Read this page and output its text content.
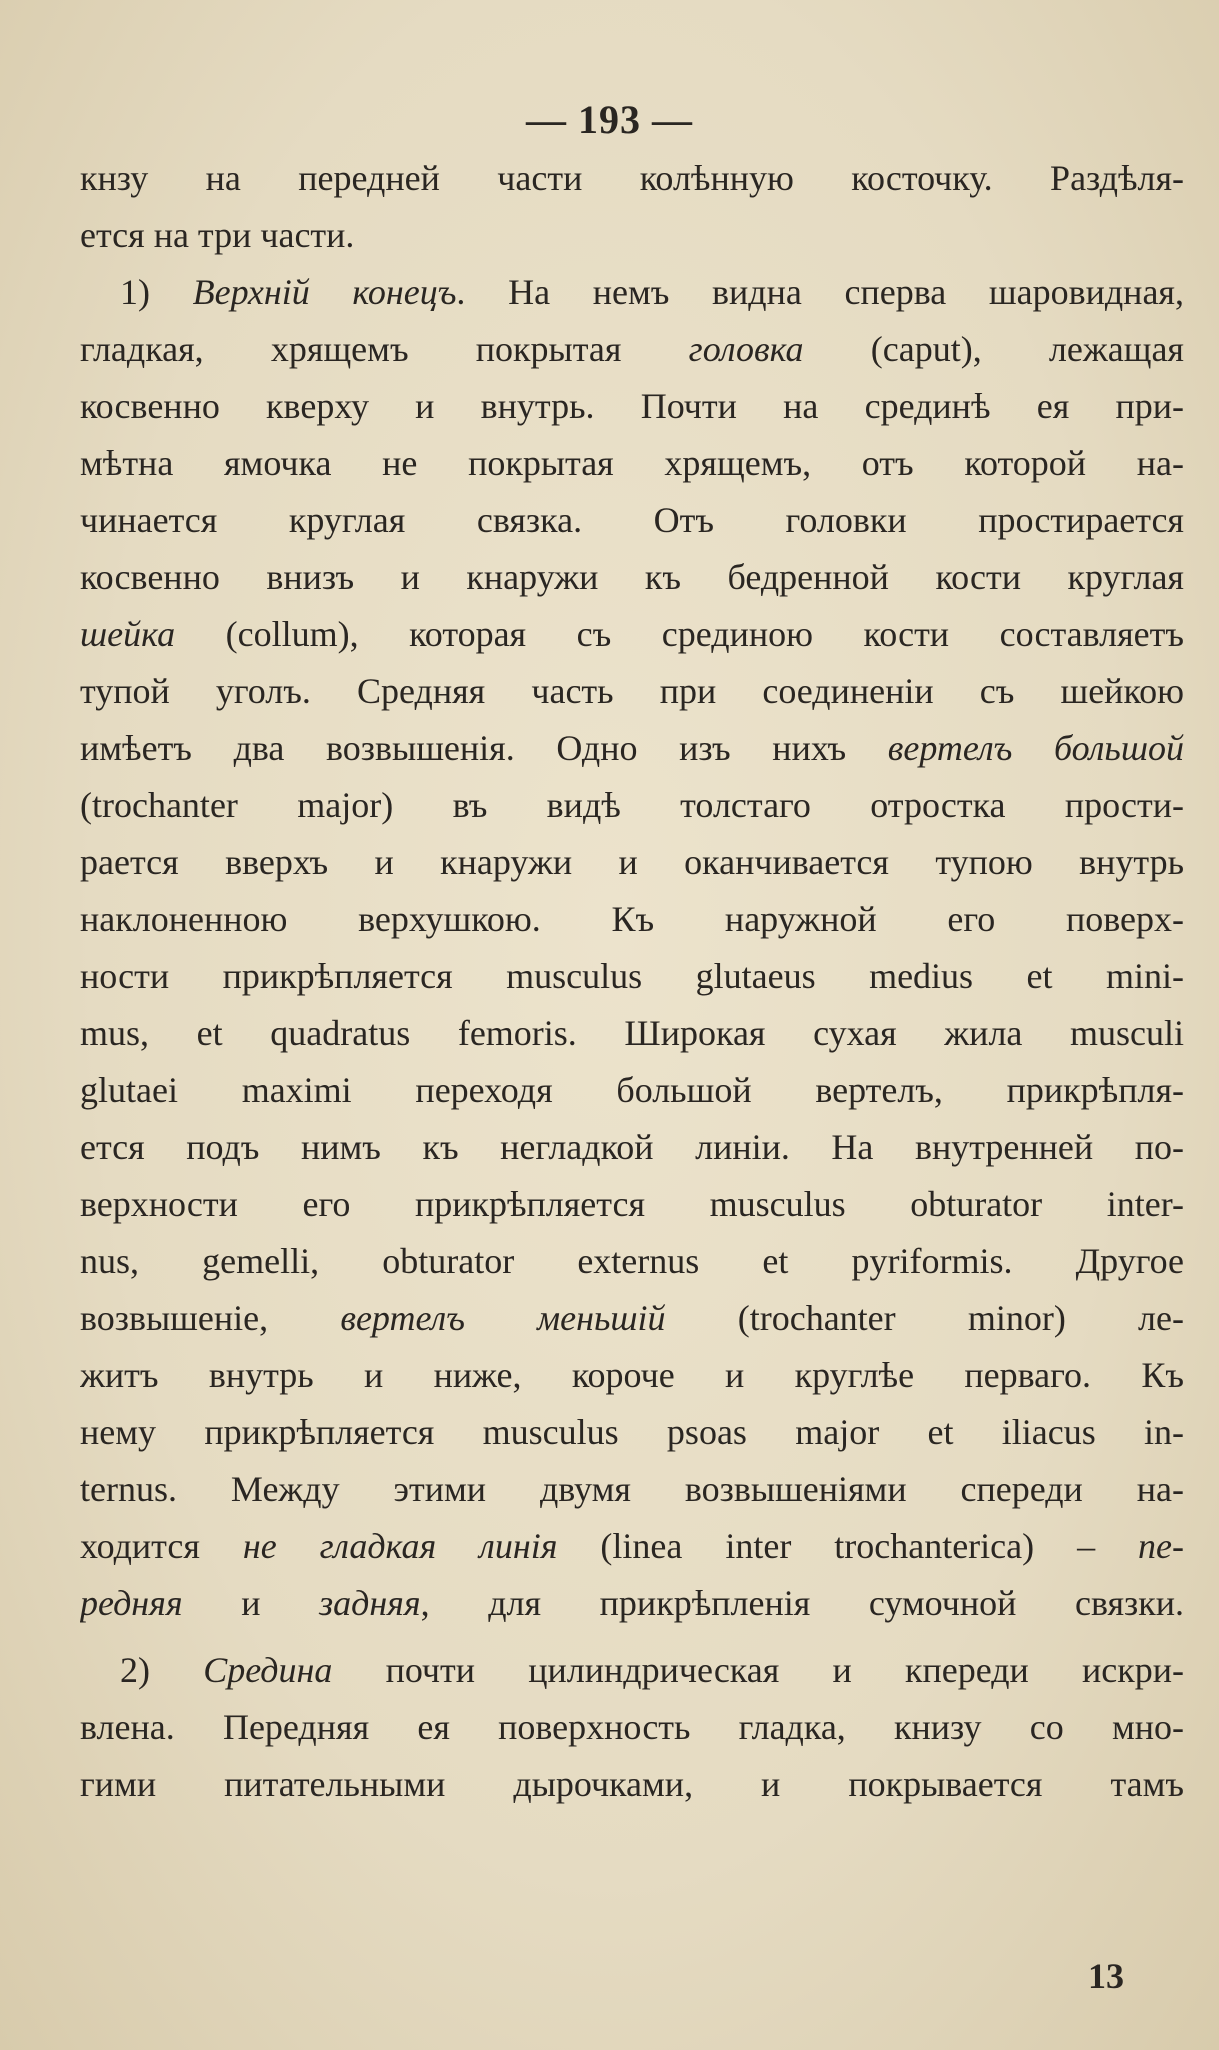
— 193 —
кнзу на передней части колѣнную косточку. Раздѣля-
ется на три части.
1) Верхній конецъ. На немъ видна сперва шаровидная,
гладкая, хрящемъ покрытая головка (caput), лежащая
косвенно кверху и внутрь. Почти на срединѣ ея при-
мѣтна ямочка не покрытая хрящемъ, отъ которой на-
чинается круглая связка. Отъ головки простирается
косвенно внизъ и кнаружи къ бедренной кости круглая
шейка (collum), которая съ срединою кости составляетъ
тупой уголъ. Средняя часть при соединеніи съ шейкою
имѣетъ два возвышенія. Одно изъ нихъ вертелъ большой
(trochanter major) въ видѣ толстаго отростка прости-
рается вверхъ и кнаружи и оканчивается тупою внутрь
наклоненною верхушкою. Къ наружной его поверх-
ности прикрѣпляется musculus glutaeus medius et mini-
mus, et quadratus femoris. Широкая сухая жила musculi
glutaei maximi переходя большой вертелъ, прикрѣпля-
ется подъ нимъ къ негладкой линіи. На внутренней по-
верхности его прикрѣпляется musculus obturator inter-
nus, gemelli, obturator externus et pyriformis. Другое
возвышеніе, вертелъ меньшій (trochanter minor) ле-
житъ внутрь и ниже, короче и круглѣе перваго. Къ
нему прикрѣпляется musculus psoas major et iliacus in-
ternus. Между этими двумя возвышеніями спереди на-
ходится не гладкая линія (linea inter trochanterica) – пе-
редняя и задняя, для прикрѣпленія сумочной связки.
2) Средина почти цилиндрическая и кпереди искри-
влена. Передняя ея поверхность гладка, книзу со мно-
гими питательными дырочками, и покрывается тамъ
13
